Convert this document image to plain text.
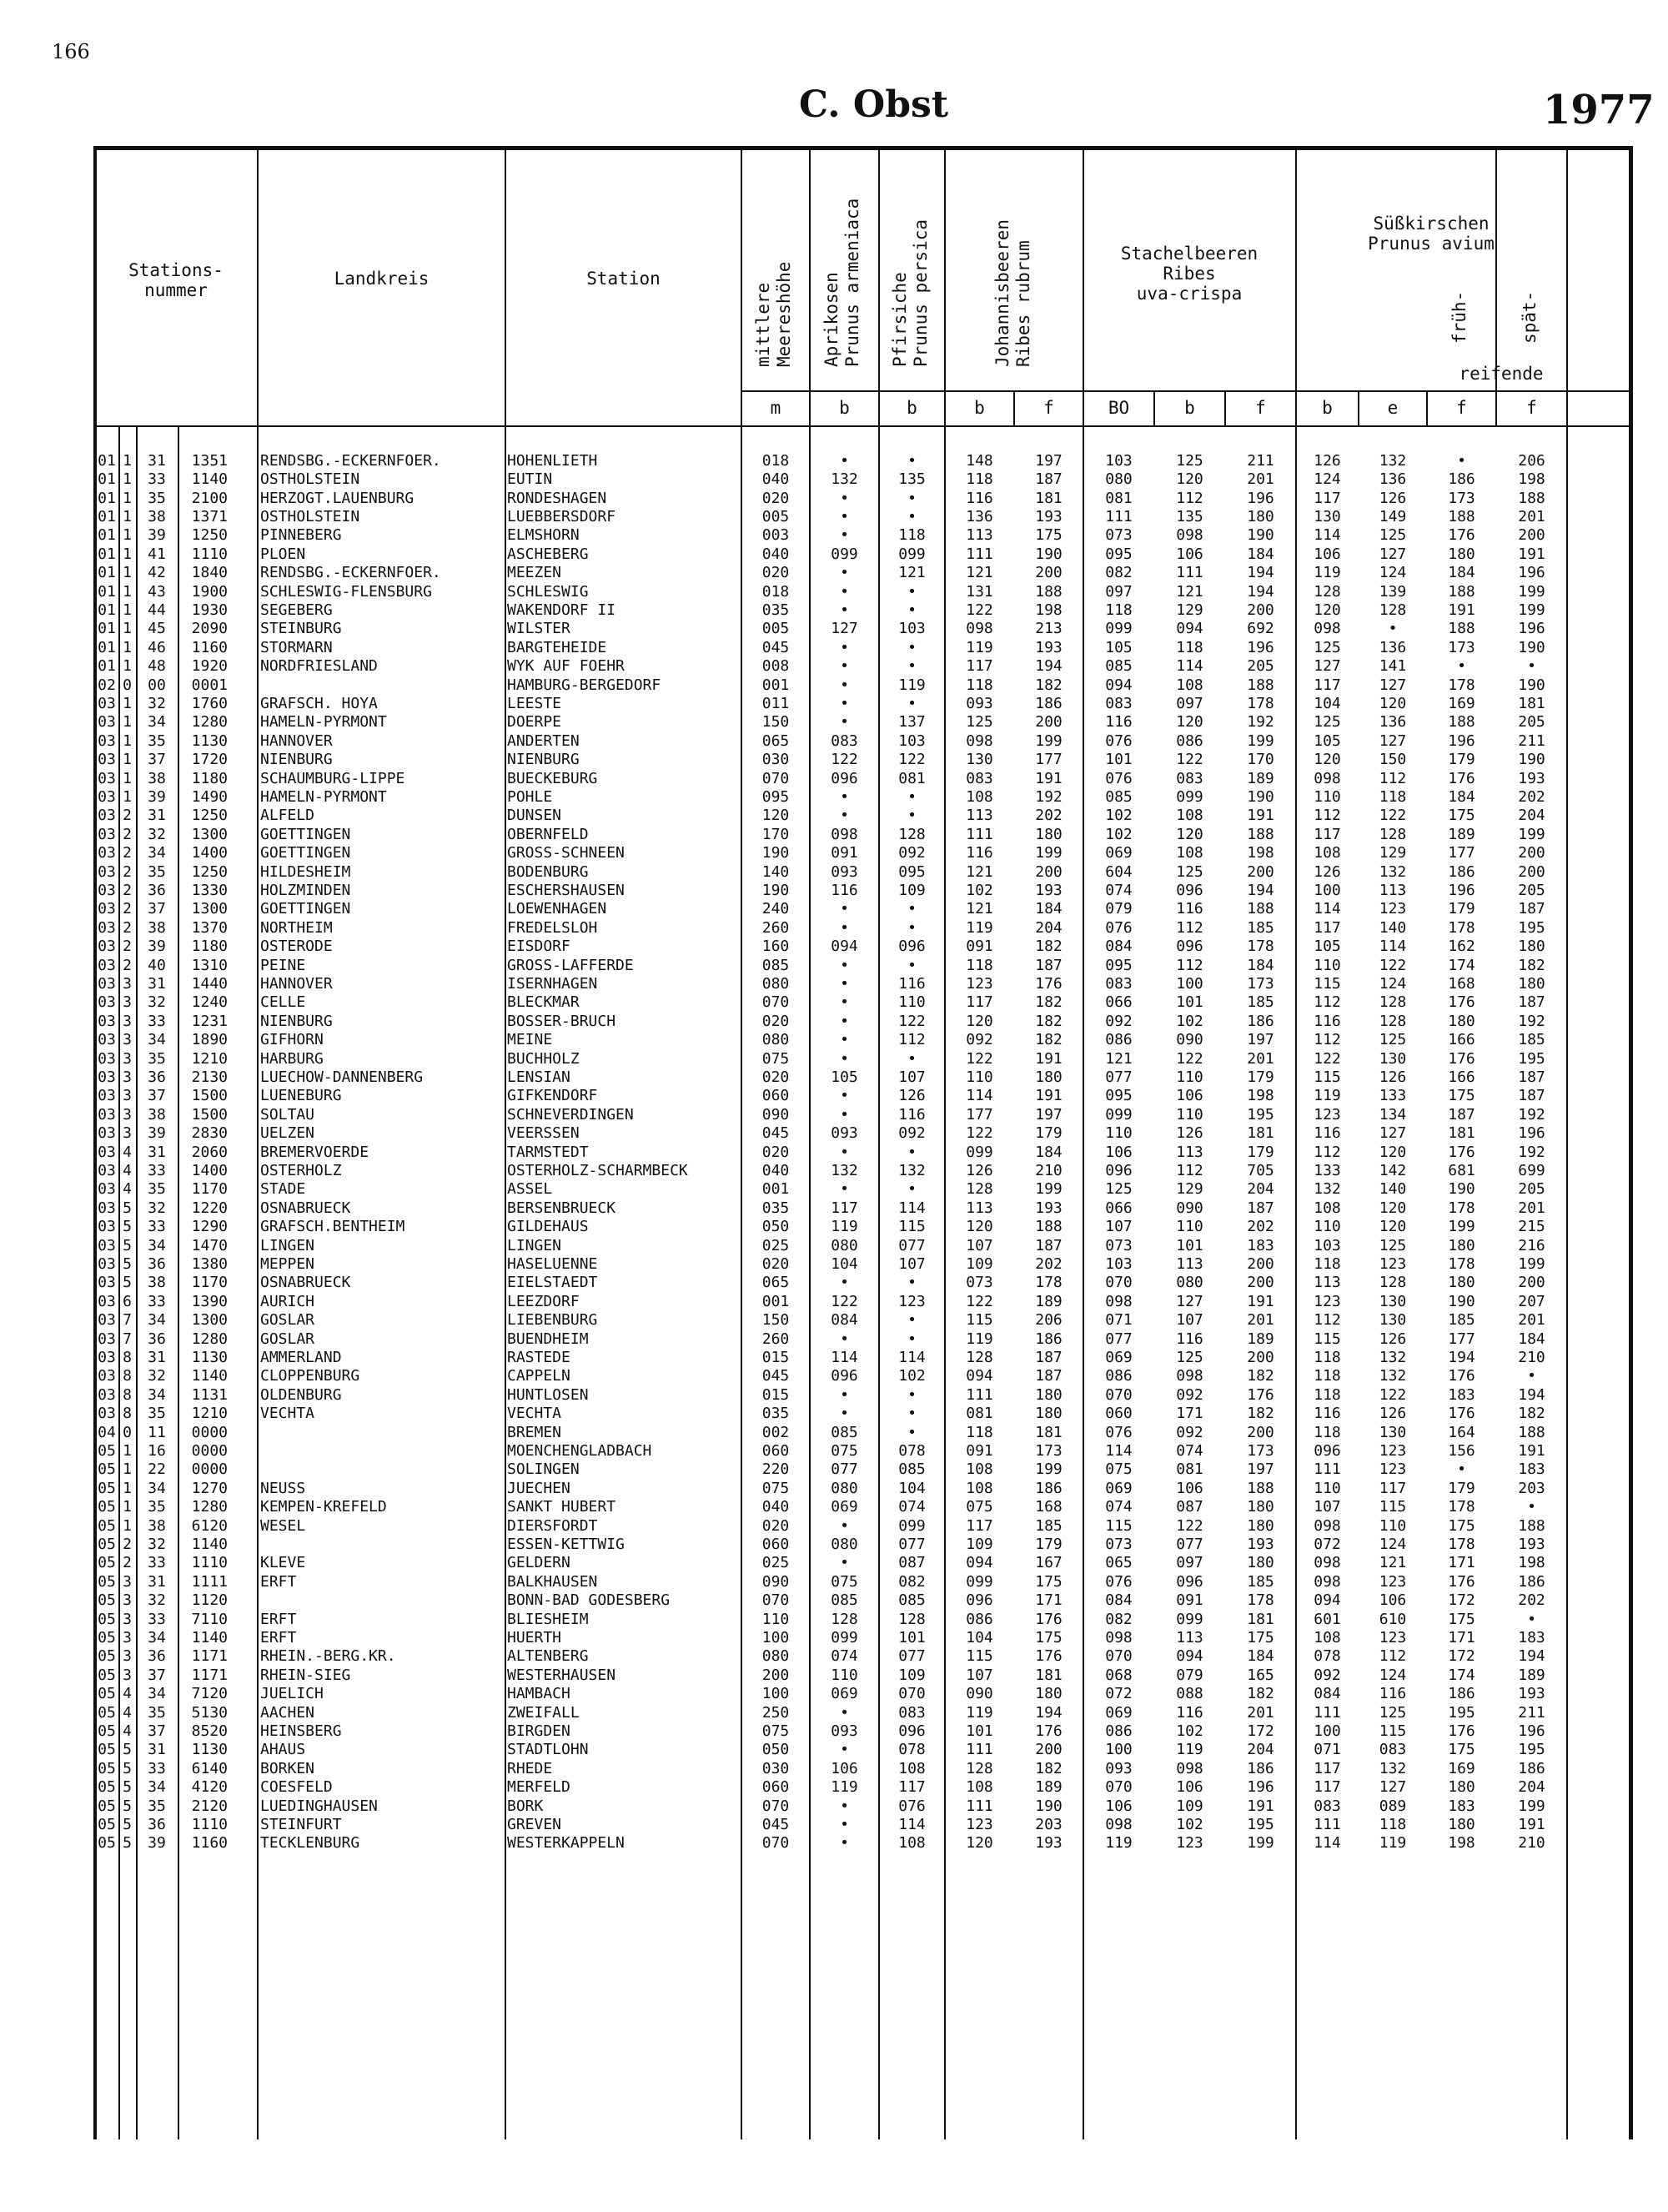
166
C. Obst	1977
Stations-
nummer
Landkreis	Station
mittlere Meereshöhe Aprikosen Prunus armeniaca Pfirsiche Prunus persica	Johannisbeeren Ribes rubrum	Stachelbeeren
Ribes
uva-crispa
Süßkirschen
Prunus avium
früh-	spät-
reifende
m	b	b	b	f	BO	b	f	b	e	f	f
01 1	31	1351 RENDSBG.-ECKERNFOER.	HOHENLIETH	018	•	•	148	197	103	125	211	126	132	•	206
01 1	33	1140 OSTHOLSTEIN	EUTIN	040	132	135	118	187	080	120	201	124	136	186	198
01 1	35	2100 HERZOGT.LAUENBURG	RONDESHAGEN	020	•	•	116	181	081	112	196	117	126	173	188
01 1	38	1371 OSTHOLSTEIN	LUEBBERSDORF	005	•	•	136	193	111	135	180	130	149	188	201
01 1	39	1250 PINNEBERG	ELMSHORN	003	•	118	113	175	073	098	190	114	125	176	200
01 1	41	1110 PLOEN	ASCHEBERG	040	099	099	111	190	095	106	184	106	127	180	191
01 1	42	1840 RENDSBG.-ECKERNFOER.	MEEZEN	020	•	121	121	200	082	111	194	119	124	184	196
01 1	43	1900 SCHLESWIG-FLENSBURG	SCHLESWIG	018	•	•	131	188	097	121	194	128	139	188	199
01 1	44	1930 SEGEBERG	WAKENDORF II	035	•	•	122	198	118	129	200	120	128	191	199
01 1	45	2090 STEINBURG	WILSTER	005	127	103	098	213	099	094	692	098	•	188	196
01 1	46	1160 STORMARN	BARGTEHEIDE	045	•	•	119	193	105	118	196	125	136	173	190
01 1	48	1920 NORDFRIESLAND	WYK AUF FOEHR	008	•	•	117	194	085	114	205	127	141	•	•
02 0	00	0001	HAMBURG-BERGEDORF	001	•	119	118	182	094	108	188	117	127	178	190
03 1	32	1760 GRAFSCH. HOYA	LEESTE	011	•	•	093	186	083	097	178	104	120	169	181
03 1	34	1280 HAMELN-PYRMONT	DOERPE	150	•	137	125	200	116	120	192	125	136	188	205
03 1	35	1130 HANNOVER	ANDERTEN	065	083	103	098	199	076	086	199	105	127	196	211
03 1	37	1720 NIENBURG	NIENBURG	030	122	122	130	177	101	122	170	120	150	179	190
03 1	38	1180 SCHAUMBURG-LIPPE	BUECKEBURG	070	096	081	083	191	076	083	189	098	112	176	193
03 1	39	1490 HAMELN-PYRMONT	POHLE	095	•	•	108	192	085	099	190	110	118	184	202
03 2	31	1250 ALFELD	DUNSEN	120	•	•	113	202	102	108	191	112	122	175	204
03 2	32	1300 GOETTINGEN	OBERNFELD	170	098	128	111	180	102	120	188	117	128	189	199
03 2	34	1400 GOETTINGEN	GROSS-SCHNEEN	190	091	092	116	199	069	108	198	108	129	177	200
03 2	35	1250 HILDESHEIM	BODENBURG	140	093	095	121	200	604	125	200	126	132	186	200
03 2	36	1330 HOLZMINDEN	ESCHERSHAUSEN	190	116	109	102	193	074	096	194	100	113	196	205
03 2	37	1300 GOETTINGEN	LOEWENHAGEN	240	•	•	121	184	079	116	188	114	123	179	187
03 2	38	1370 NORTHEIM	FREDELSLOH	260	•	•	119	204	076	112	185	117	140	178	195
03 2	39	1180 OSTERODE	EISDORF	160	094	096	091	182	084	096	178	105	114	162	180
03 2	40	1310 PEINE	GROSS-LAFFERDE	085	•	•	118	187	095	112	184	110	122	174	182
03 3	31	1440 HANNOVER	ISERNHAGEN	080	•	116	123	176	083	100	173	115	124	168	180
03 3	32	1240 CELLE	BLECKMAR	070	•	110	117	182	066	101	185	112	128	176	187
03 3	33	1231 NIENBURG	BOSSER-BRUCH	020	•	122	120	182	092	102	186	116	128	180	192
03 3	34	1890 GIFHORN	MEINE	080	•	112	092	182	086	090	197	112	125	166	185
03 3	35	1210 HARBURG	BUCHHOLZ	075	•	•	122	191	121	122	201	122	130	176	195
03 3	36	2130 LUECHOW-DANNENBERG	LENSIAN	020	105	107	110	180	077	110	179	115	126	166	187
03 3	37	1500 LUENEBURG	GIFKENDORF	060	•	126	114	191	095	106	198	119	133	175	187
03 3	38	1500 SOLTAU	SCHNEVERDINGEN	090	•	116	177	197	099	110	195	123	134	187	192
03 3	39	2830 UELZEN	VEERSSEN	045	093	092	122	179	110	126	181	116	127	181	196
03 4	31	2060 BREMERVOERDE	TARMSTEDT	020	•	•	099	184	106	113	179	112	120	176	192
03 4	33	1400 OSTERHOLZ	OSTERHOLZ-SCHARMBECK	040	132	132	126	210	096	112	705	133	142	681	699
03 4	35	1170 STADE	ASSEL	001	•	•	128	199	125	129	204	132	140	190	205
03 5	32	1220 OSNABRUECK	BERSENBRUECK	035	117	114	113	193	066	090	187	108	120	178	201
03 5	33	1290 GRAFSCH.BENTHEIM	GILDEHAUS	050	119	115	120	188	107	110	202	110	120	199	215
03 5	34	1470 LINGEN	LINGEN	025	080	077	107	187	073	101	183	103	125	180	216
03 5	36	1380 MEPPEN	HASELUENNE	020	104	107	109	202	103	113	200	118	123	178	199
03 5	38	1170 OSNABRUECK	EIELSTAEDT	065	•	•	073	178	070	080	200	113	128	180	200
03 6	33	1390 AURICH	LEEZDORF	001	122	123	122	189	098	127	191	123	130	190	207
03 7	34	1300 GOSLAR	LIEBENBURG	150	084	•	115	206	071	107	201	112	130	185	201
03 7	36	1280 GOSLAR	BUENDHEIM	260	•	•	119	186	077	116	189	115	126	177	184
03 8	31	1130 AMMERLAND	RASTEDE	015	114	114	128	187	069	125	200	118	132	194	210
03 8	32	1140 CLOPPENBURG	CAPPELN	045	096	102	094	187	086	098	182	118	132	176	•
03 8	34	1131 OLDENBURG	HUNTLOSEN	015	•	•	111	180	070	092	176	118	122	183	194
03 8	35	1210 VECHTA	VECHTA	035	•	•	081	180	060	171	182	116	126	176	182
04 0	11	0000	BREMEN	002	085	•	118	181	076	092	200	118	130	164	188
05 1	16	0000	MOENCHENGLADBACH	060	075	078	091	173	114	074	173	096	123	156	191
05 1	22	0000	SOLINGEN	220	077	085	108	199	075	081	197	111	123	•	183
05 1	34	1270 NEUSS	JUECHEN	075	080	104	108	186	069	106	188	110	117	179	203
05 1	35	1280 KEMPEN-KREFELD	SANKT HUBERT	040	069	074	075	168	074	087	180	107	115	178	•
05 1	38	6120 WESEL	DIERSFORDT	020	•	099	117	185	115	122	180	098	110	175	188
05 2	32	1140	ESSEN-KETTWIG	060	080	077	109	179	073	077	193	072	124	178	193
05 2	33	1110 KLEVE	GELDERN	025	•	087	094	167	065	097	180	098	121	171	198
05 3	31	1111 ERFT	BALKHAUSEN	090	075	082	099	175	076	096	185	098	123	176	186
05 3	32	1120	BONN-BAD GODESBERG	070	085	085	096	171	084	091	178	094	106	172	202
05 3	33	7110 ERFT	BLIESHEIM	110	128	128	086	176	082	099	181	601	610	175	•
05 3	34	1140 ERFT	HUERTH	100	099	101	104	175	098	113	175	108	123	171	183
05 3	36	1171 RHEIN.-BERG.KR.	ALTENBERG	080	074	077	115	176	070	094	184	078	112	172	194
05 3	37	1171 RHEIN-SIEG	WESTERHAUSEN	200	110	109	107	181	068	079	165	092	124	174	189
05 4	34	7120 JUELICH	HAMBACH	100	069	070	090	180	072	088	182	084	116	186	193
05 4	35	5130 AACHEN	ZWEIFALL	250	•	083	119	194	069	116	201	111	125	195	211
05 4	37	8520 HEINSBERG	BIRGDEN	075	093	096	101	176	086	102	172	100	115	176	196
05 5	31	1130 AHAUS	STADTLOHN	050	•	078	111	200	100	119	204	071	083	175	195
05 5	33	6140 BORKEN	RHEDE	030	106	108	128	182	093	098	186	117	132	169	186
05 5	34	4120 COESFELD	MERFELD	060	119	117	108	189	070	106	196	117	127	180	204
05 5	35	2120 LUEDINGHAUSEN	BORK	070	•	076	111	190	106	109	191	083	089	183	199
05 5	36	1110 STEINFURT	GREVEN	045	•	114	123	203	098	102	195	111	118	180	191
05 5	39	1160 TECKLENBURG	WESTERKAPPELN	070	•	108	120	193	119	123	199	114	119	198	210
